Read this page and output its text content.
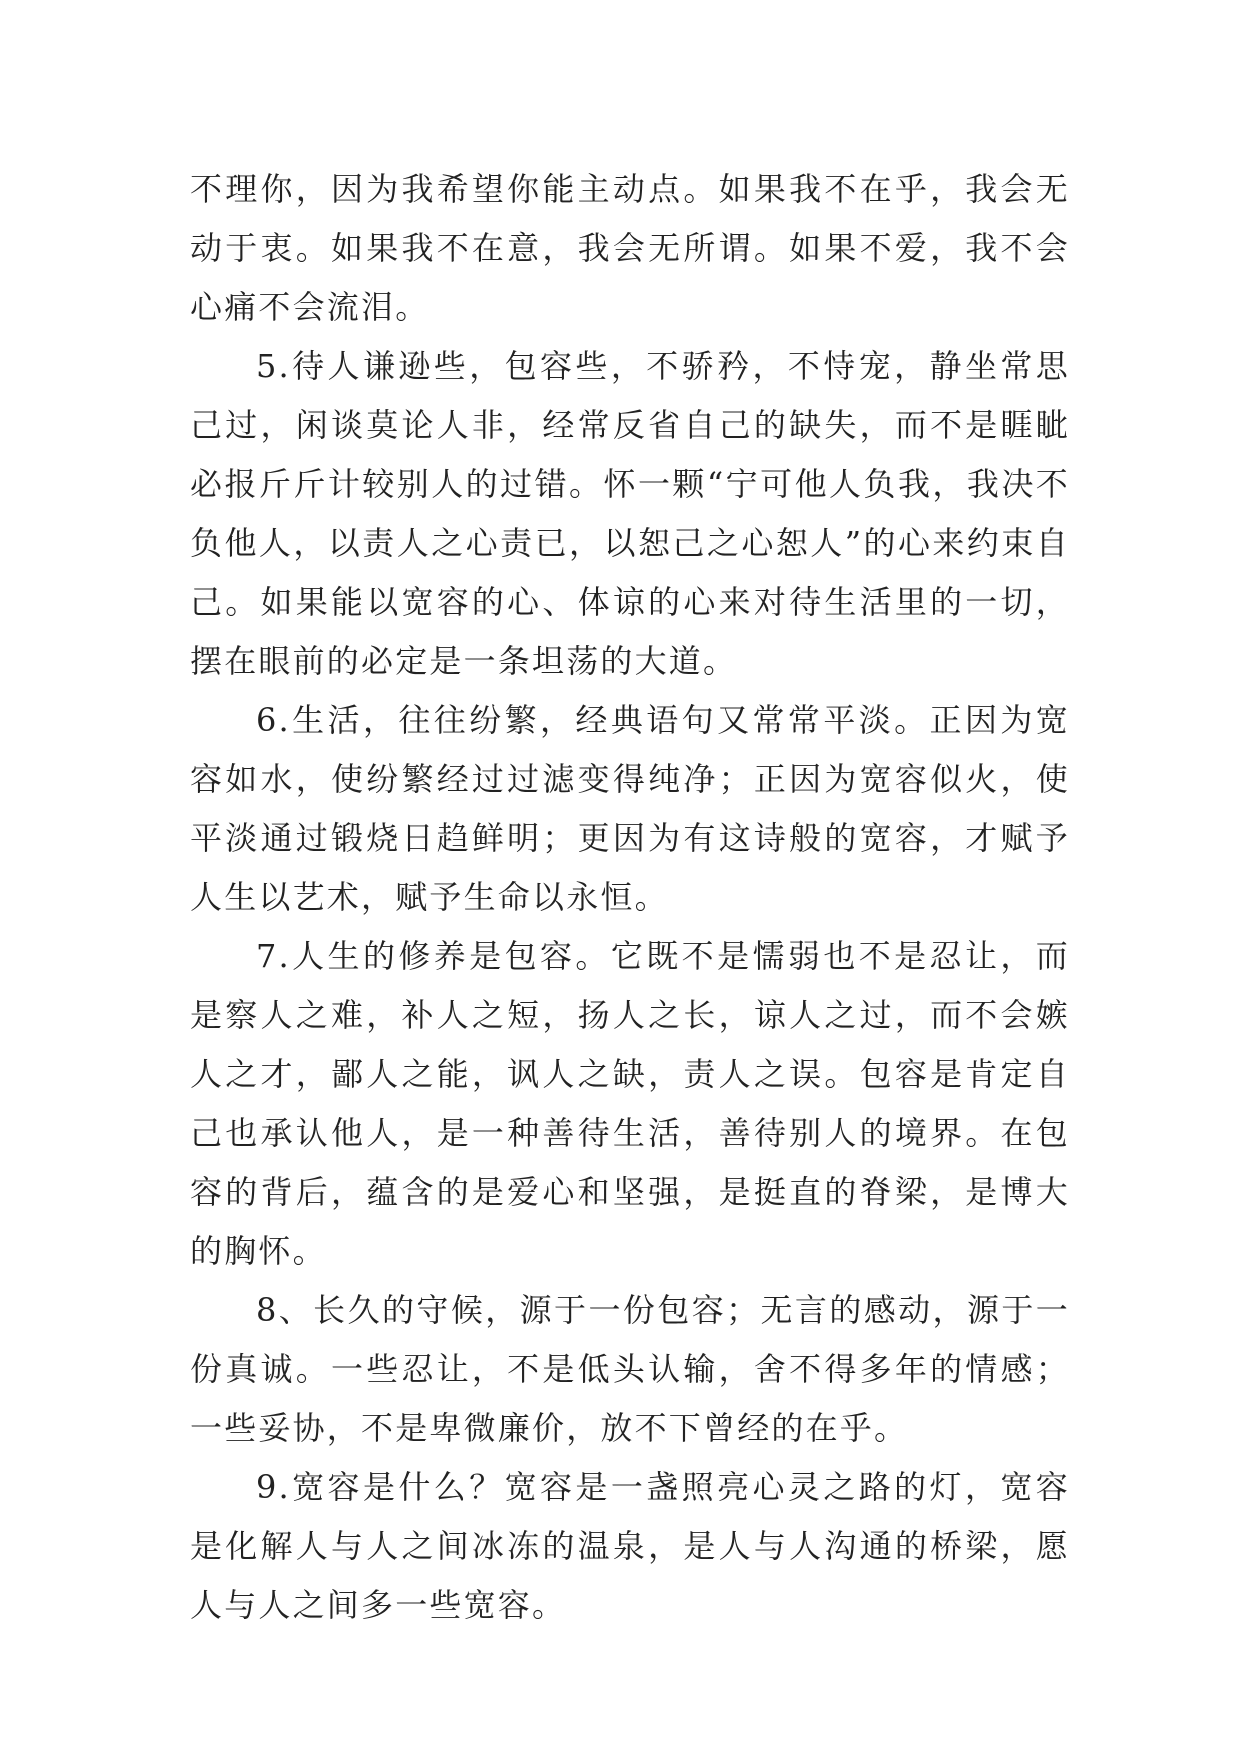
不理你，因为我希望你能主动点。如果我不在乎，我会无动于衷。如果我不在意，我会无所谓。如果不爱，我不会心痛不会流泪。

5.待人谦逊些，包容些，不骄矜，不恃宠，静坐常思己过，闲谈莫论人非，经常反省自己的缺失，而不是睚眦必报斤斤计较别人的过错。怀一颗“宁可他人负我，我决不负他人，以责人之心责已，以恕己之心恕人”的心来约束自己。如果能以宽容的心、体谅的心来对待生活里的一切，摆在眼前的必定是一条坦荡的大道。

6.生活，往往纷繁，经典语句又常常平淡。正因为宽容如水，使纷繁经过过滤变得纯净；正因为宽容似火，使平淡通过锻烧日趋鲜明；更因为有这诗般的宽容，才赋予人生以艺术，赋予生命以永恒。

7.人生的修养是包容。它既不是懦弱也不是忍让，而是察人之难，补人之短，扬人之长，谅人之过，而不会嫉人之才，鄙人之能，讽人之缺，责人之误。包容是肯定自己也承认他人，是一种善待生活，善待别人的境界。在包容的背后，蕴含的是爱心和坚强，是挺直的脊梁，是博大的胸怀。

8、长久的守候，源于一份包容；无言的感动，源于一份真诚。一些忍让，不是低头认输，舍不得多年的情感；一些妥协，不是卑微廉价，放不下曾经的在乎。

9.宽容是什么？宽容是一盏照亮心灵之路的灯，宽容是化解人与人之间冰冻的温泉，是人与人沟通的桥梁，愿人与人之间多一些宽容。
